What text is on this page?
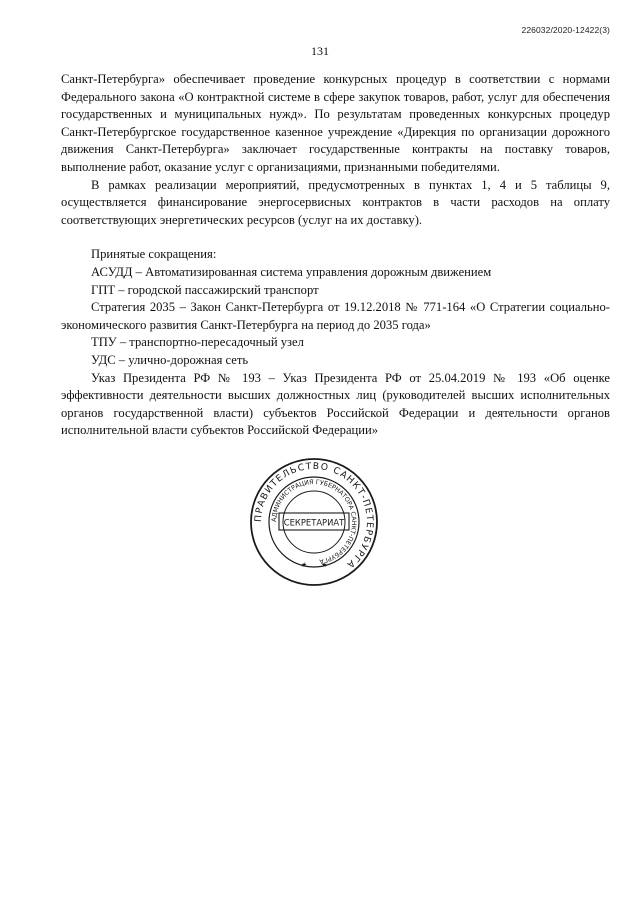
226032/2020-12422(3)
131

Санкт-Петербурга» обеспечивает проведение конкурсных процедур в соответствии с нормами Федерального закона «О контрактной системе в сфере закупок товаров, работ, услуг для обеспечения государственных и муниципальных нужд». По результатам проведенных конкурсных процедур Санкт-Петербургское государственное казенное учреждение «Дирекция по организации дорожного движения Санкт-Петербурга» заключает государственные контракты на поставку товаров, выполнение работ, оказание услуг с организациями, признанными победителями.

В рамках реализации мероприятий, предусмотренных в пунктах 1, 4 и 5 таблицы 9, осуществляется финансирование энергосервисных контрактов в части расходов на оплату соответствующих энергетических ресурсов (услуг на их доставку).

Принятые сокращения:

АСУДД – Автоматизированная система управления дорожным движением

ГПТ – городской пассажирский транспорт

Стратегия 2035 – Закон Санкт-Петербурга от 19.12.2018 № 771-164 «О Стратегии социально-экономического развития Санкт-Петербурга на период до 2035 года»

ТПУ – транспортно-пересадочный узел

УДС – улично-дорожная сеть

Указ Президента РФ № 193 – Указ Президента РФ от 25.04.2019 № 193 «Об оценке эффективности деятельности высших должностных лиц (руководителей высших исполнительных органов государственной власти) субъектов Российской Федерации и деятельности органов исполнительной власти субъектов Российской Федерации»

ПРАВИТЕЛЬСТВО САНКТ-ПЕТЕРБУРГА
АДМИНИСТРАЦИЯ ГУБЕРНАТОРА САНКТ-ПЕТЕРБУРГА
СЕКРЕТАРИАТ
★ ★
